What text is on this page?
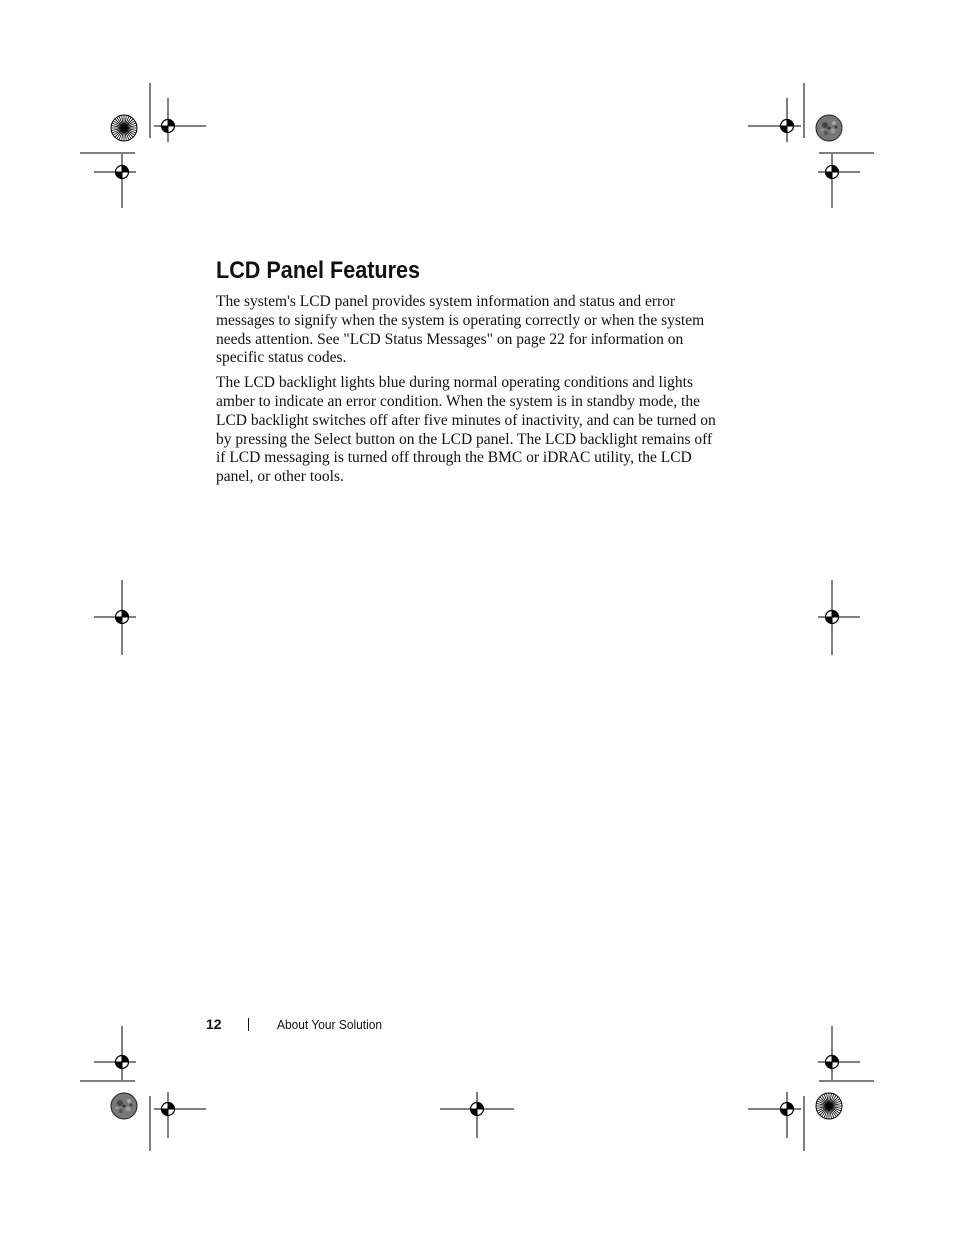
LCD Panel Features

The system's LCD panel provides system information and status and error messages to signify when the system is operating correctly or when the system needs attention. See "LCD Status Messages" on page 22 for information on specific status codes.

The LCD backlight lights blue during normal operating conditions and lights amber to indicate an error condition. When the system is in standby mode, the LCD backlight switches off after five minutes of inactivity, and can be turned on by pressing the Select button on the LCD panel. The LCD backlight remains off if LCD messaging is turned off through the BMC or iDRAC utility, the LCD panel, or other tools.

12	About Your Solution
